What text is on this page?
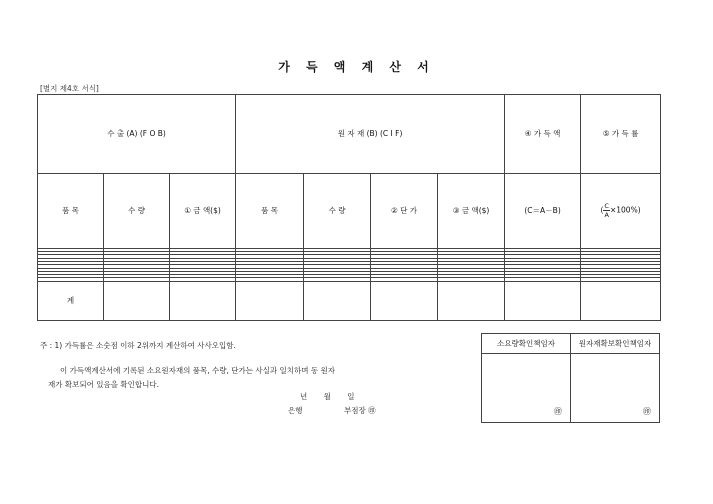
가 득 액 계 산 서
[별지 제4호 서식]
수 출 (A) (F O B)			원 자 재 (B) (C I F)				④ 가 득 액	⑤ 가 득 률
품 목	수 량	① 금 액($)	품 목	수 량	② 단 가	③ 금 액($)	(C＝A－B)	( $\frac{C}{A} \times 100\%$)

계								
주 : 1) 가득률은 소숫점 이하 2위까지 계산하여 사사오입함.
이 가득액계산서에 기록된 소요원자재의 품목, 수량, 단가는 사실과 일치하며 동 원자
재가 확보되어 있음을 확인합니다.
년 월 일
은행	부점장 ㊞
소요량확인책임자	원자재확보확인책임자
㊞	㊞
